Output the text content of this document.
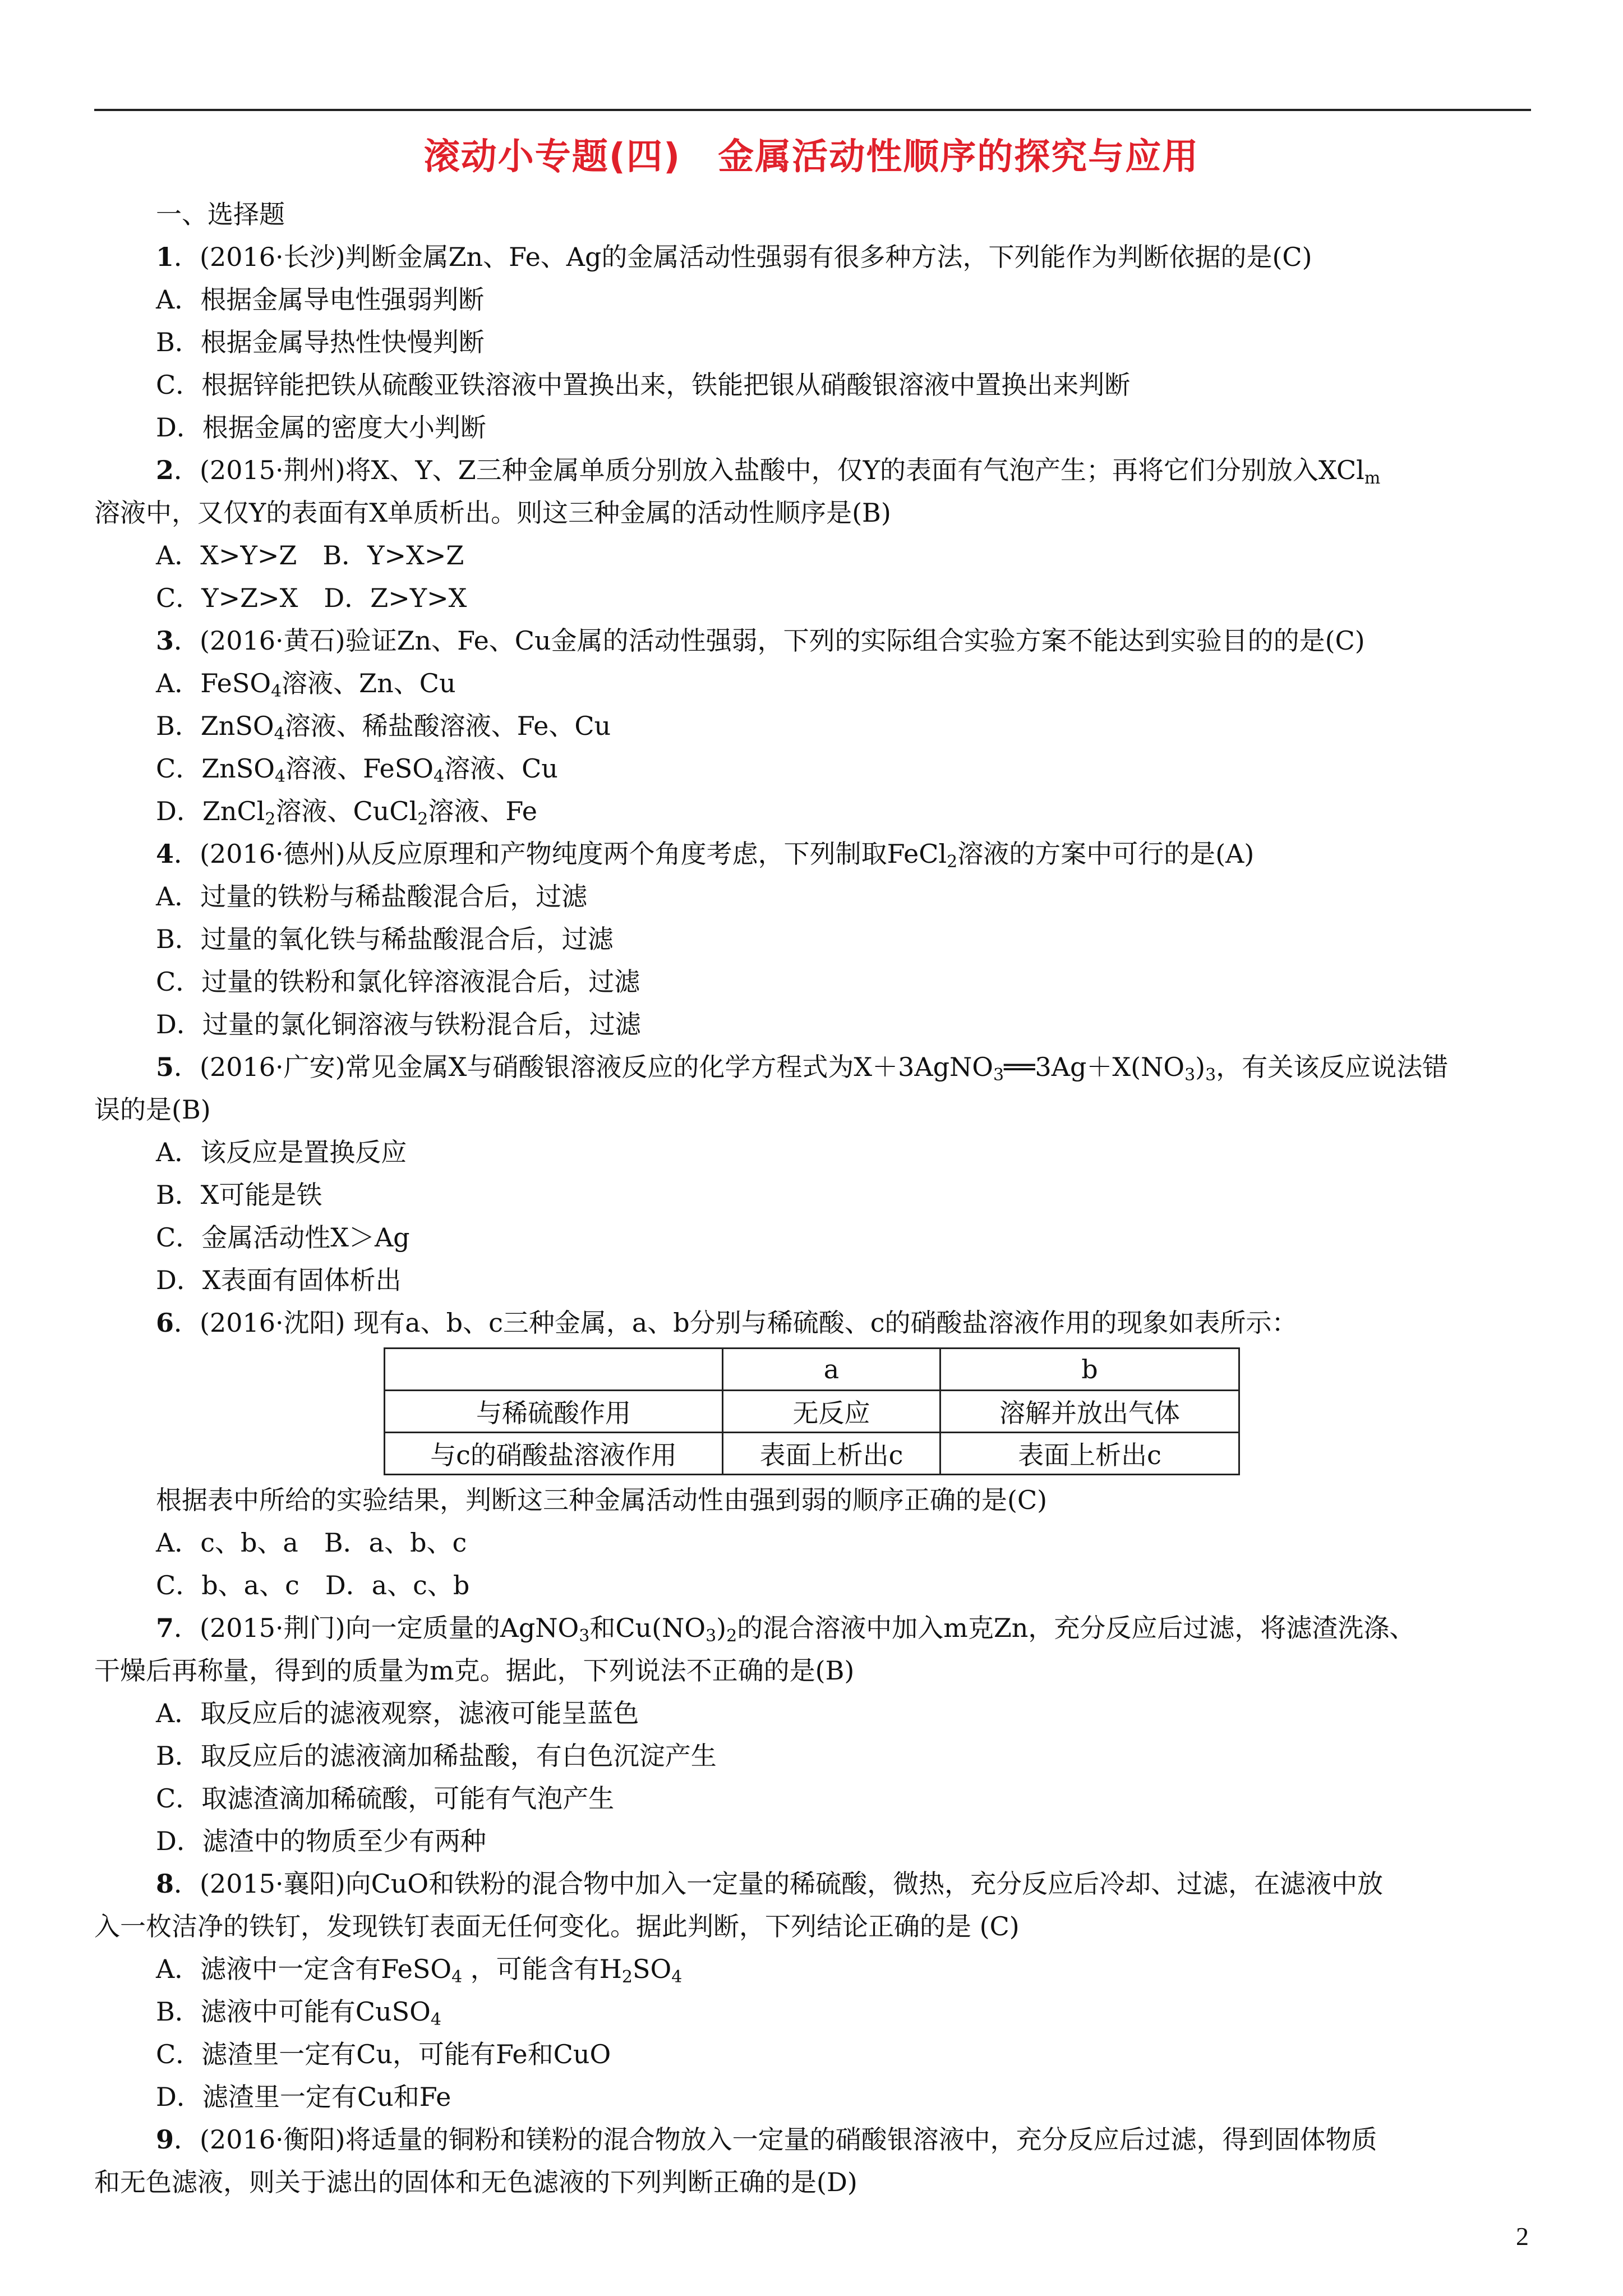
滚动小专题(四)　金属活动性顺序的探究与应用
一、选择题
1．(2016·长沙)判断金属Zn、Fe、Ag的金属活动性强弱有很多种方法，下列能作为判断依据的是(C)
A．根据金属导电性强弱判断
B．根据金属导热性快慢判断
C．根据锌能把铁从硫酸亚铁溶液中置换出来，铁能把银从硝酸银溶液中置换出来判断
D．根据金属的密度大小判断
2．(2015·荆州)将X、Y、Z三种金属单质分别放入盐酸中，仅Y的表面有气泡产生；再将它们分别放入XCl$_m$
溶液中，又仅Y的表面有X单质析出。则这三种金属的活动性顺序是(B)
A．X>Y>Z　B．Y>X>Z
C．Y>Z>X　D．Z>Y>X
3．(2016·黄石)验证Zn、Fe、Cu金属的活动性强弱，下列的实际组合实验方案不能达到实验目的的是(C)
A．FeSO$_4$溶液、Zn、Cu
B．ZnSO$_4$溶液、稀盐酸溶液、Fe、Cu
C．ZnSO$_4$溶液、FeSO$_4$溶液、Cu
D．ZnCl$_2$溶液、CuCl$_2$溶液、Fe
4．(2016·德州)从反应原理和产物纯度两个角度考虑，下列制取FeCl$_2$溶液的方案中可行的是(A)
A．过量的铁粉与稀盐酸混合后，过滤
B．过量的氧化铁与稀盐酸混合后，过滤
C．过量的铁粉和氯化锌溶液混合后，过滤
D．过量的氯化铜溶液与铁粉混合后，过滤
5．(2016·广安)常见金属X与硝酸银溶液反应的化学方程式为$X+3AgNO_3══3Ag+X(NO_3)_3$，有关该反应说法错
误的是(B)
A．该反应是置换反应
B．X可能是铁
C．金属活动性X＞Ag
D．X表面有固体析出
6．(2016·沈阳) 现有a、b、c三种金属，a、b分别与稀硫酸、c的硝酸盐溶液作用的现象如表所示：
	a	b
与稀硫酸作用	无反应	溶解并放出气体
与c的硝酸盐溶液作用	表面上析出c	表面上析出c
根据表中所给的实验结果，判断这三种金属活动性由强到弱的顺序正确的是(C)
A．c、b、a　B．a、b、c
C．b、a、c　D．a、c、b
7．(2015·荆门)向一定质量的AgNO$_3$和$Cu(NO_3)_2$的混合溶液中加入m克Zn，充分反应后过滤，将滤渣洗涤、
干燥后再称量，得到的质量为m克。据此，下列说法不正确的是(B)
A．取反应后的滤液观察，滤液可能呈蓝色
B．取反应后的滤液滴加稀盐酸，有白色沉淀产生
C．取滤渣滴加稀硫酸，可能有气泡产生
D．滤渣中的物质至少有两种
8．(2015·襄阳)向CuO和铁粉的混合物中加入一定量的稀硫酸，微热，充分反应后冷却、过滤，在滤液中放
入一枚洁净的铁钉，发现铁钉表面无任何变化。据此判断，下列结论正确的是 (C)
A．滤液中一定含有FeSO$_4$ ，可能含有$H_2SO_4$
B．滤液中可能有CuSO$_4$
C．滤渣里一定有Cu，可能有Fe和CuO
D．滤渣里一定有Cu和Fe
9．(2016·衡阳)将适量的铜粉和镁粉的混合物放入一定量的硝酸银溶液中，充分反应后过滤，得到固体物质
和无色滤液，则关于滤出的固体和无色滤液的下列判断正确的是(D)
2
